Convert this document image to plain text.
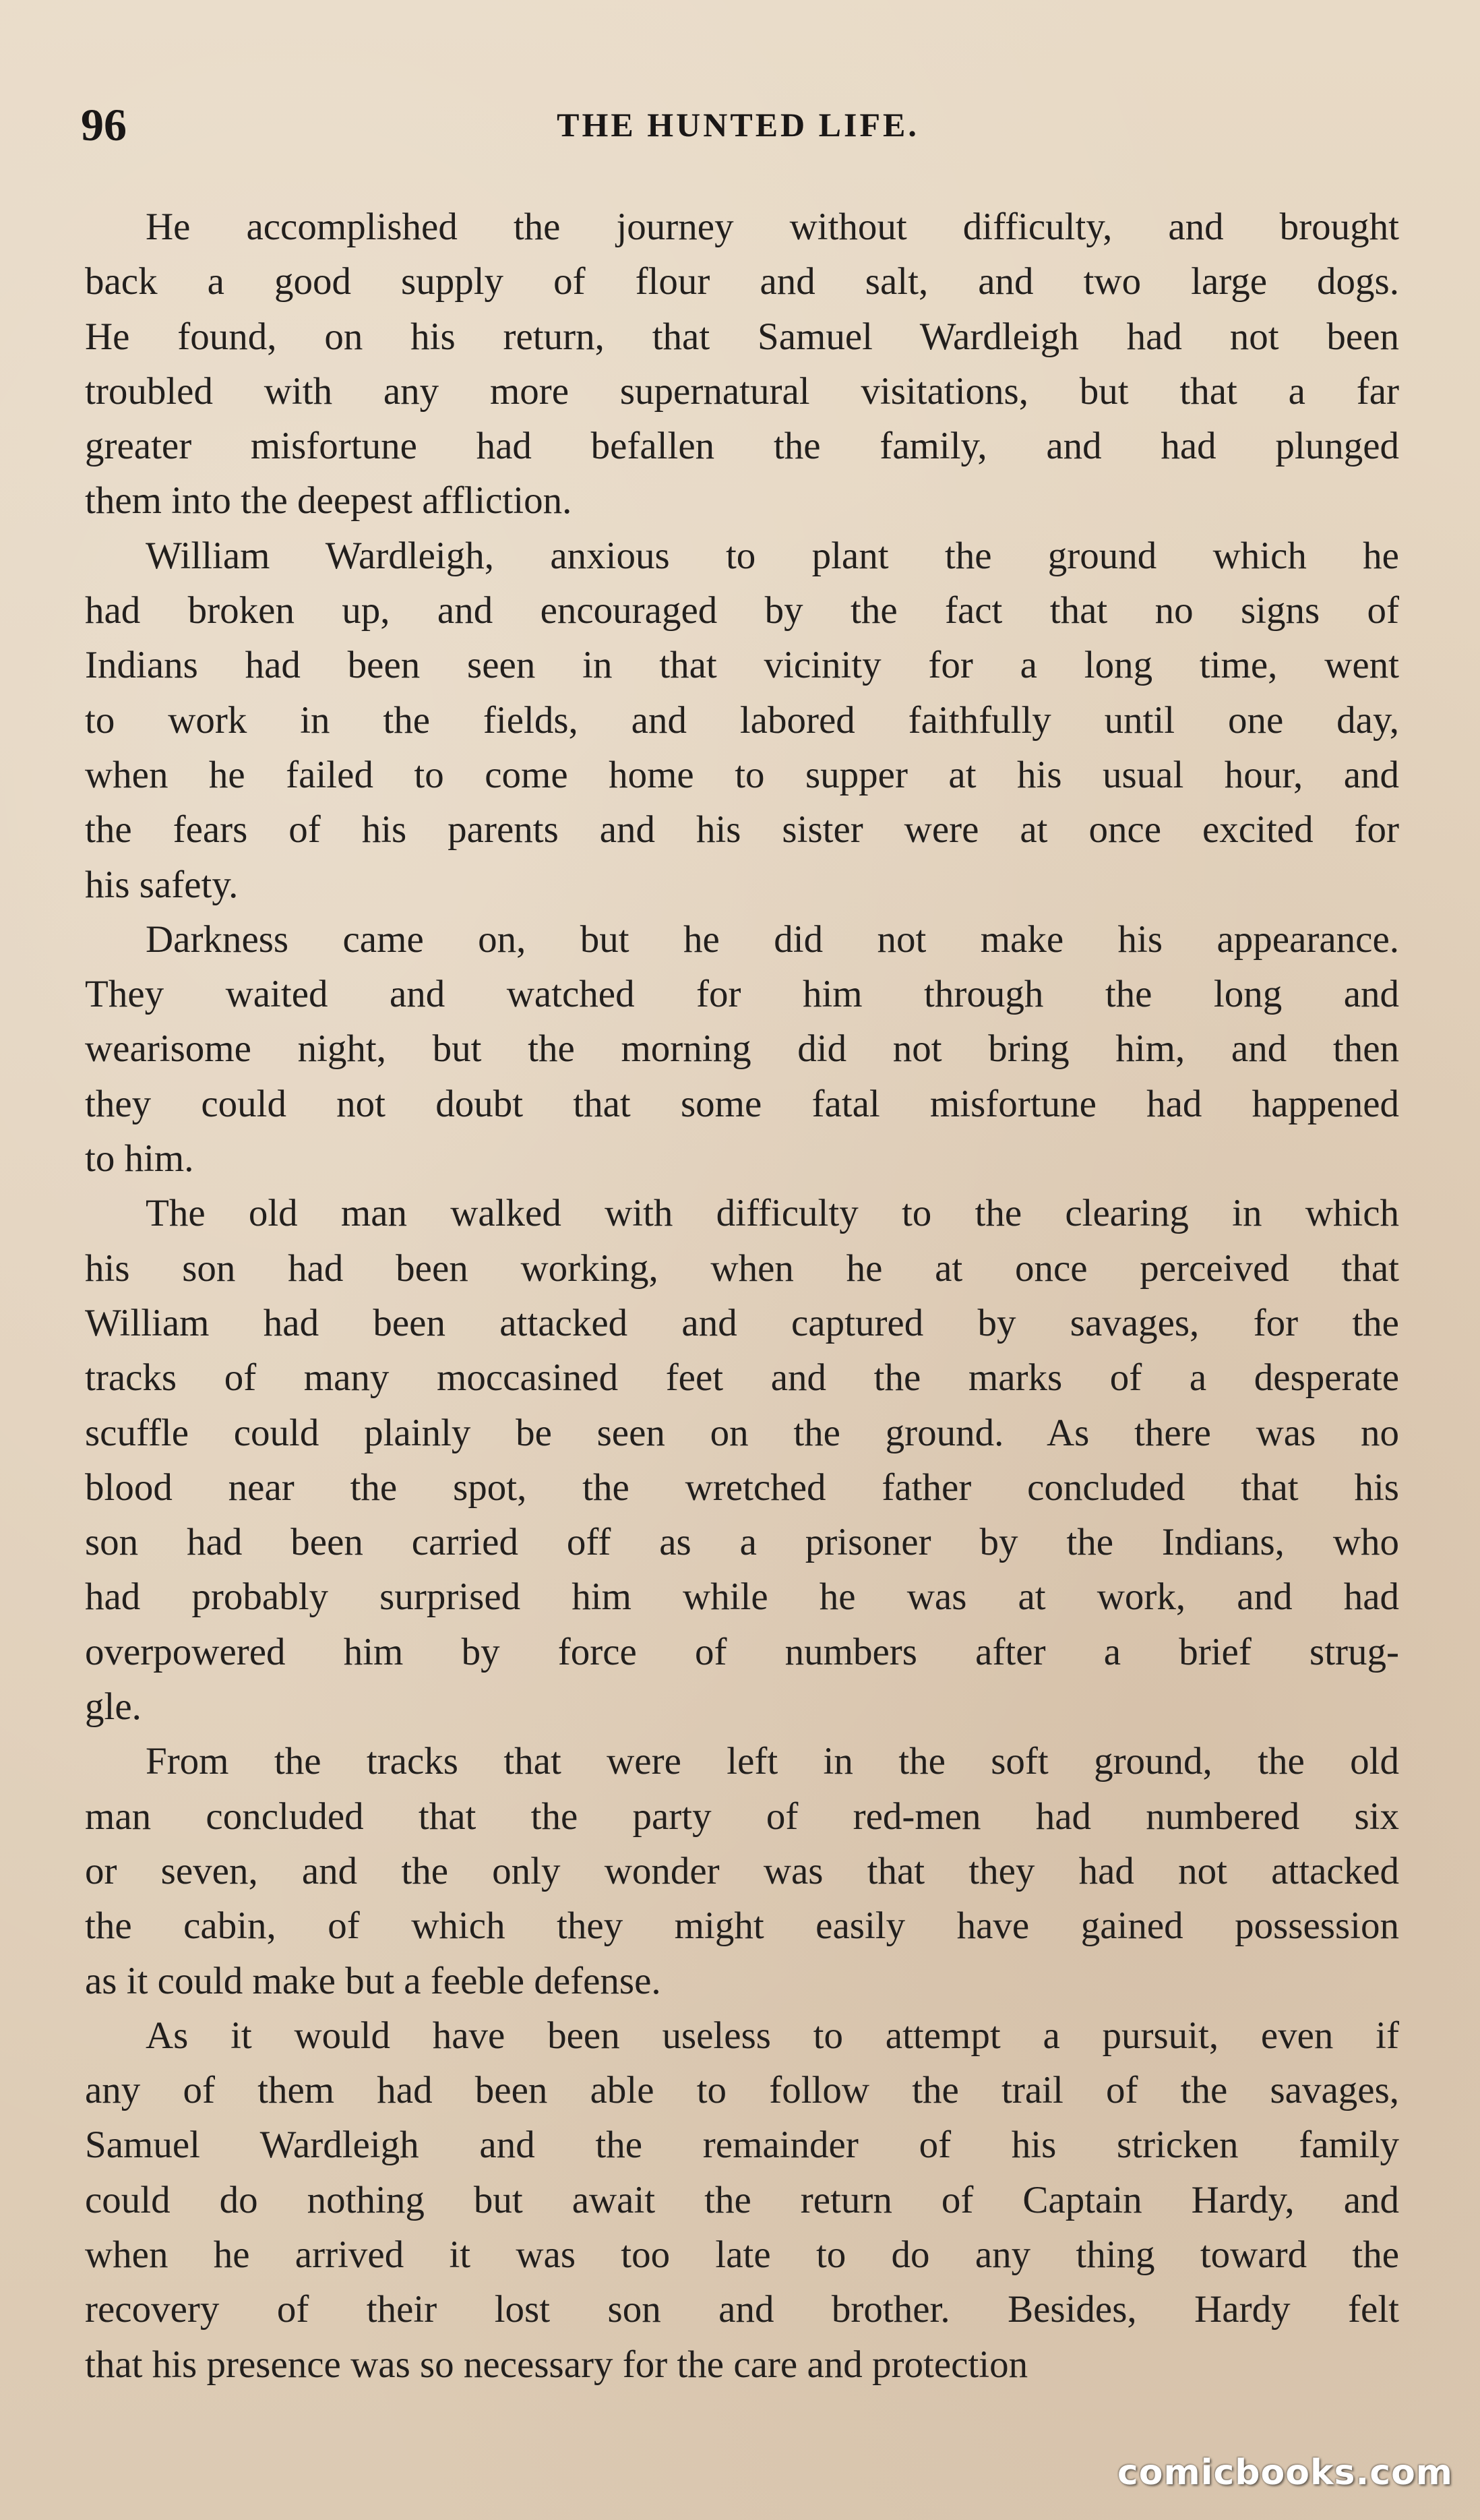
96	THE HUNTED LIFE.
He accomplished the journey without difficulty, and brought
back a good supply of flour and salt, and two large dogs.
He found, on his return, that Samuel Wardleigh had not been
troubled with any more supernatural visitations, but that a far
greater misfortune had befallen the family, and had plunged
them into the deepest affliction.
William Wardleigh, anxious to plant the ground which he
had broken up, and encouraged by the fact that no signs of
Indians had been seen in that vicinity for a long time, went
to work in the fields, and labored faithfully until one day,
when he failed to come home to supper at his usual hour, and
the fears of his parents and his sister were at once excited for
his safety.
Darkness came on, but he did not make his appearance.
They waited and watched for him through the long and
wearisome night, but the morning did not bring him, and then
they could not doubt that some fatal misfortune had happened
to him.
The old man walked with difficulty to the clearing in which
his son had been working, when he at once perceived that
William had been attacked and captured by savages, for the
tracks of many moccasined feet and the marks of a desperate
scuffle could plainly be seen on the ground. As there was no
blood near the spot, the wretched father concluded that his
son had been carried off as a prisoner by the Indians, who
had probably surprised him while he was at work, and had
overpowered him by force of numbers after a brief strug-
gle.
From the tracks that were left in the soft ground, the old
man concluded that the party of red-men had numbered six
or seven, and the only wonder was that they had not attacked
the cabin, of which they might easily have gained possession
as it could make but a feeble defense.
As it would have been useless to attempt a pursuit, even if
any of them had been able to follow the trail of the savages,
Samuel Wardleigh and the remainder of his stricken family
could do nothing but await the return of Captain Hardy, and
when he arrived it was too late to do any thing toward the
recovery of their lost son and brother. Besides, Hardy felt
that his presence was so necessary for the care and protection
comicbooks.com
